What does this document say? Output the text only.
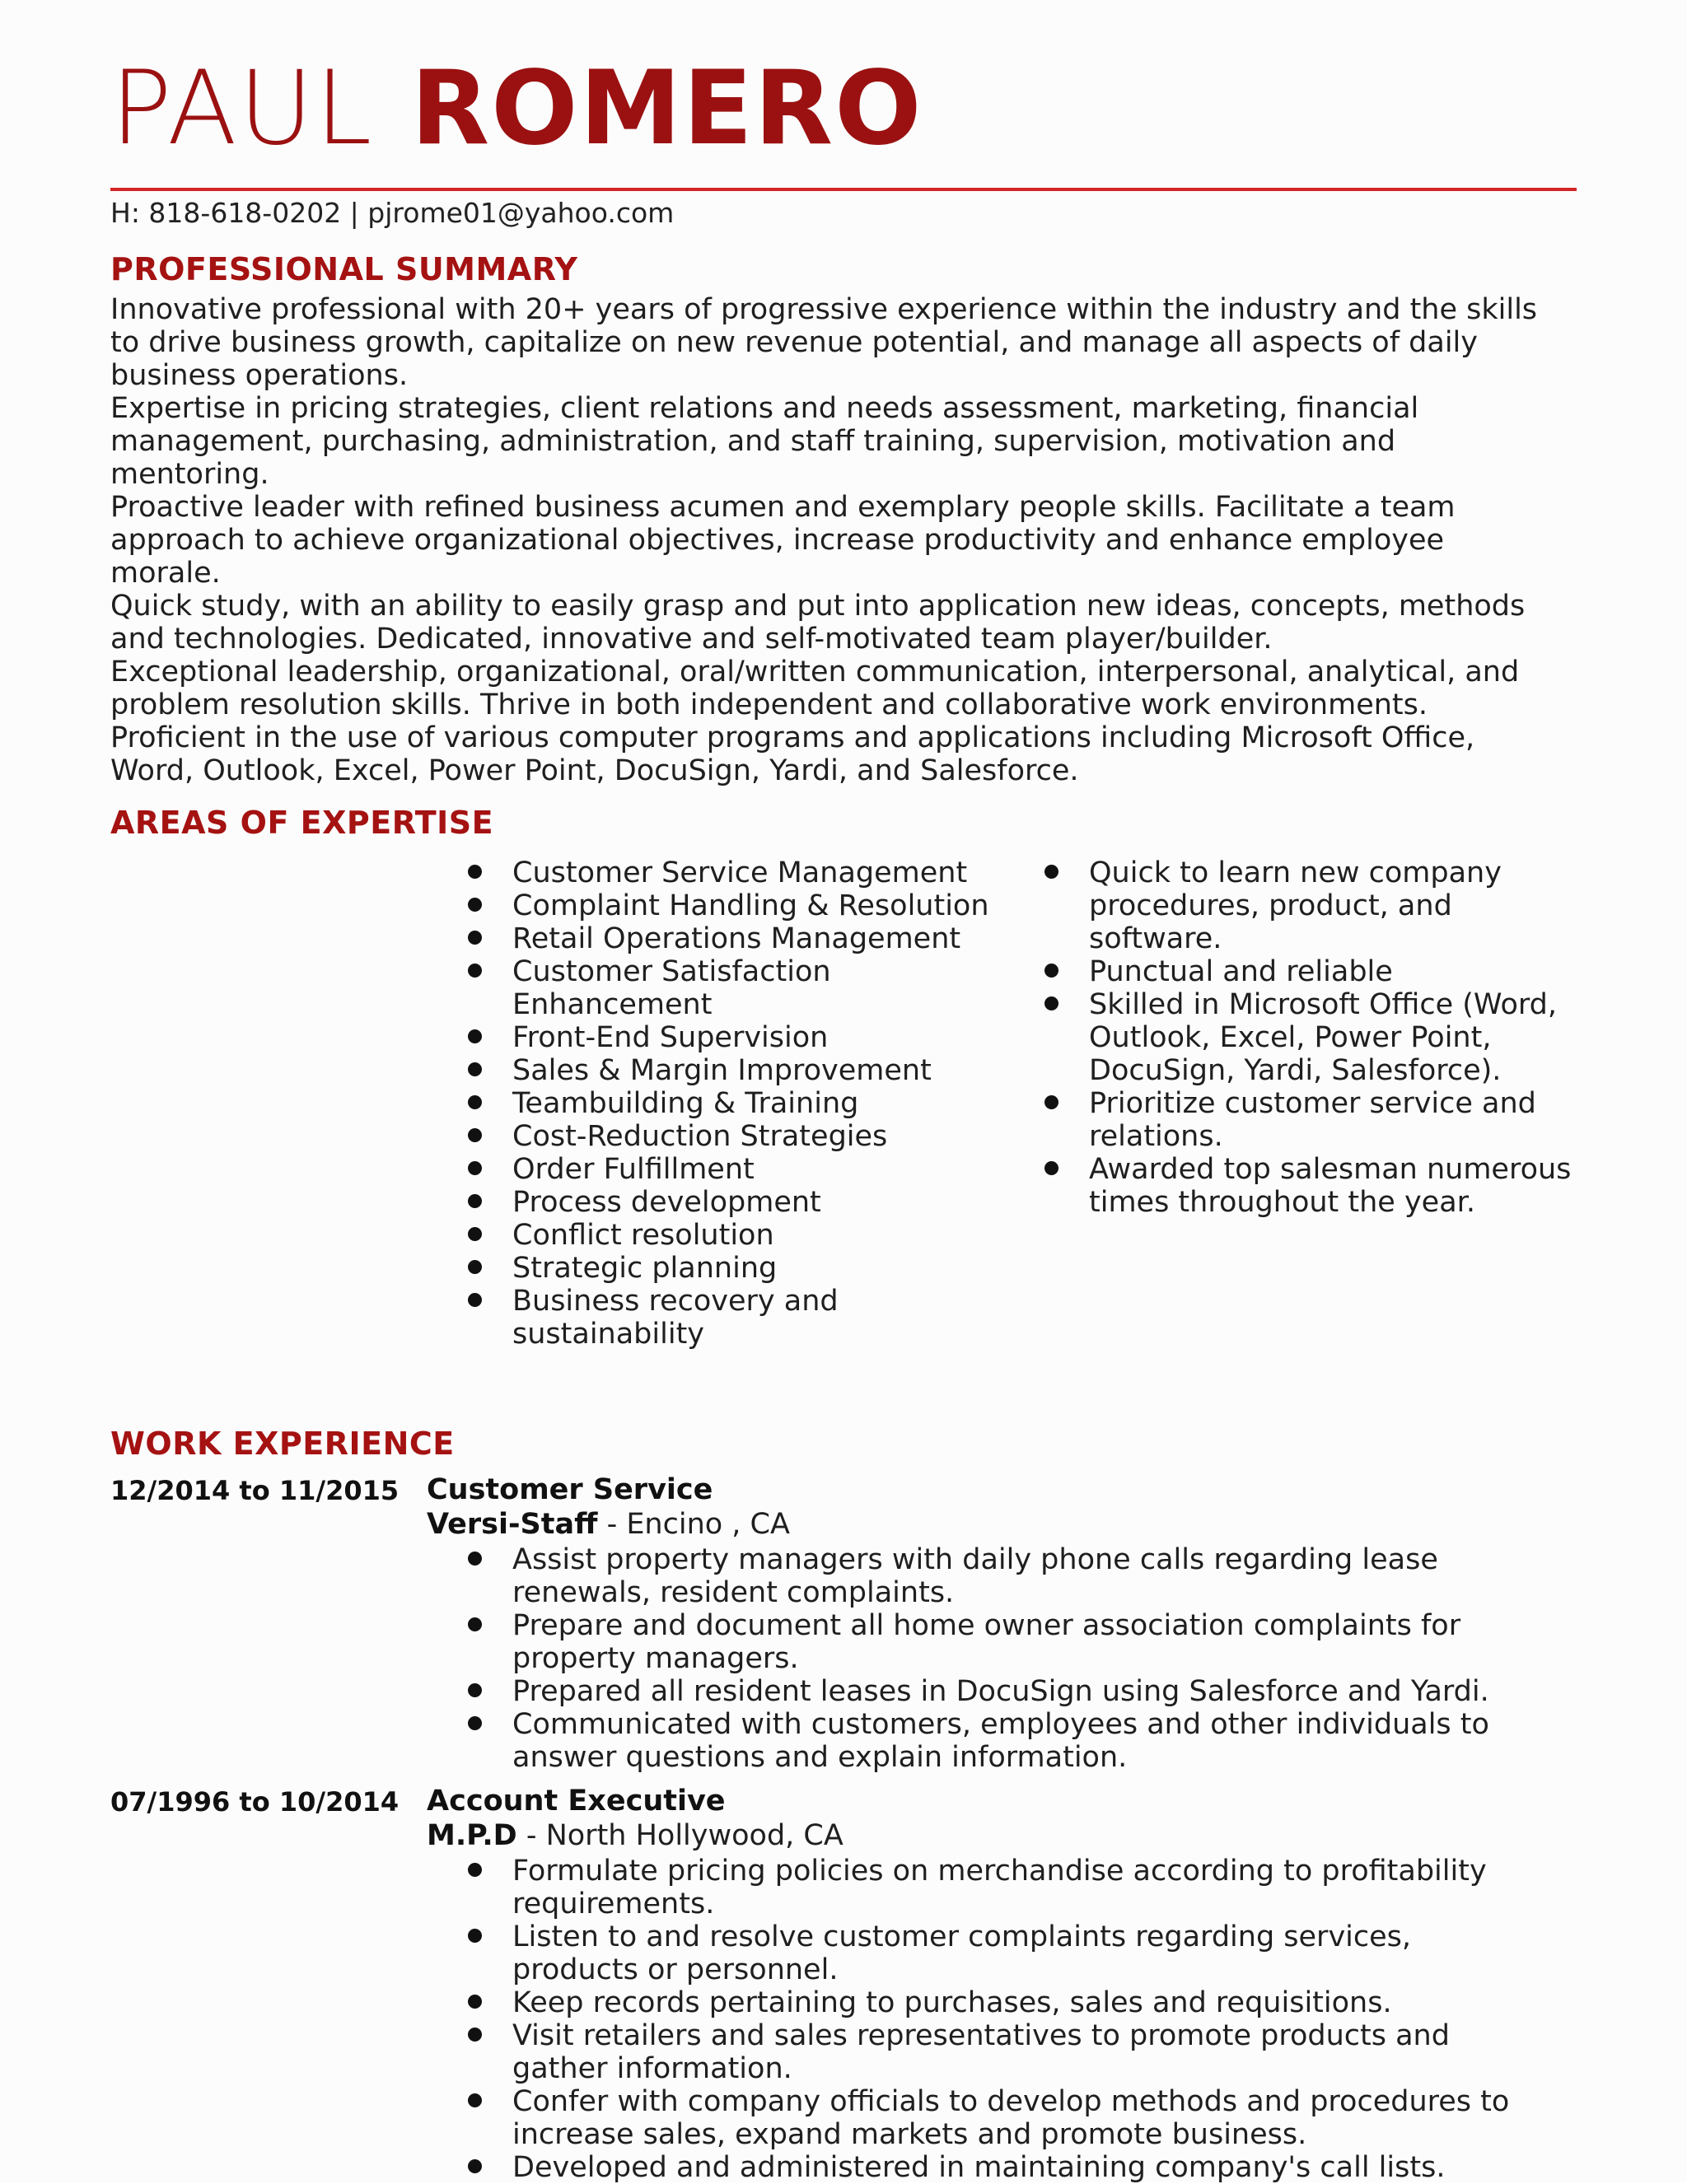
PAUL ROMERO
H: 818-618-0202 | pjrome01@yahoo.com
PROFESSIONAL SUMMARY

Innovative professional with 20+ years of progressive experience within the industry and the skills to drive business growth, capitalize on new revenue potential, and manage all aspects of daily business operations.

Expertise in pricing strategies, client relations and needs assessment, marketing, financial management, purchasing, administration, and staff training, supervision, motivation and mentoring.

Proactive leader with refined business acumen and exemplary people skills. Facilitate a team approach to achieve organizational objectives, increase productivity and enhance employee morale.

Quick study, with an ability to easily grasp and put into application new ideas, concepts, methods and technologies. Dedicated, innovative and self-motivated team player/builder.

Exceptional leadership, organizational, oral/written communication, interpersonal, analytical, and problem resolution skills. Thrive in both independent and collaborative work environments.

Proficient in the use of various computer programs and applications including Microsoft Office, Word, Outlook, Excel, Power Point, DocuSign, Yardi, and Salesforce.

AREAS OF EXPERTISE
Customer Service Management
Complaint Handling & Resolution
Retail Operations Management
Customer Satisfaction Enhancement
Front-End Supervision
Sales & Margin Improvement
Teambuilding & Training
Cost-Reduction Strategies
Order Fulfillment
Process development
Conflict resolution
Strategic planning
Business recovery and sustainability
Quick to learn new company procedures, product, and software.
Punctual and reliable
Skilled in Microsoft Office (Word, Outlook, Excel, Power Point, DocuSign, Yardi, Salesforce).
Prioritize customer service and relations.
Awarded top salesman numerous times throughout the year.
WORK EXPERIENCE
12/2014 to 11/2015 Customer Service
Versi-Staff - Encino , CA
Assist property managers with daily phone calls regarding lease renewals, resident complaints.
Prepare and document all home owner association complaints for property managers.
Prepared all resident leases in DocuSign using Salesforce and Yardi.
Communicated with customers, employees and other individuals to answer questions and explain information.
07/1996 to 10/2014 Account Executive
M.P.D - North Hollywood, CA
Formulate pricing policies on merchandise according to profitability requirements.
Listen to and resolve customer complaints regarding services, products or personnel.
Keep records pertaining to purchases, sales and requisitions.
Visit retailers and sales representatives to promote products and gather information.
Confer with company officials to develop methods and procedures to increase sales, expand markets and promote business.
Developed and administered in maintaining company's call lists.
